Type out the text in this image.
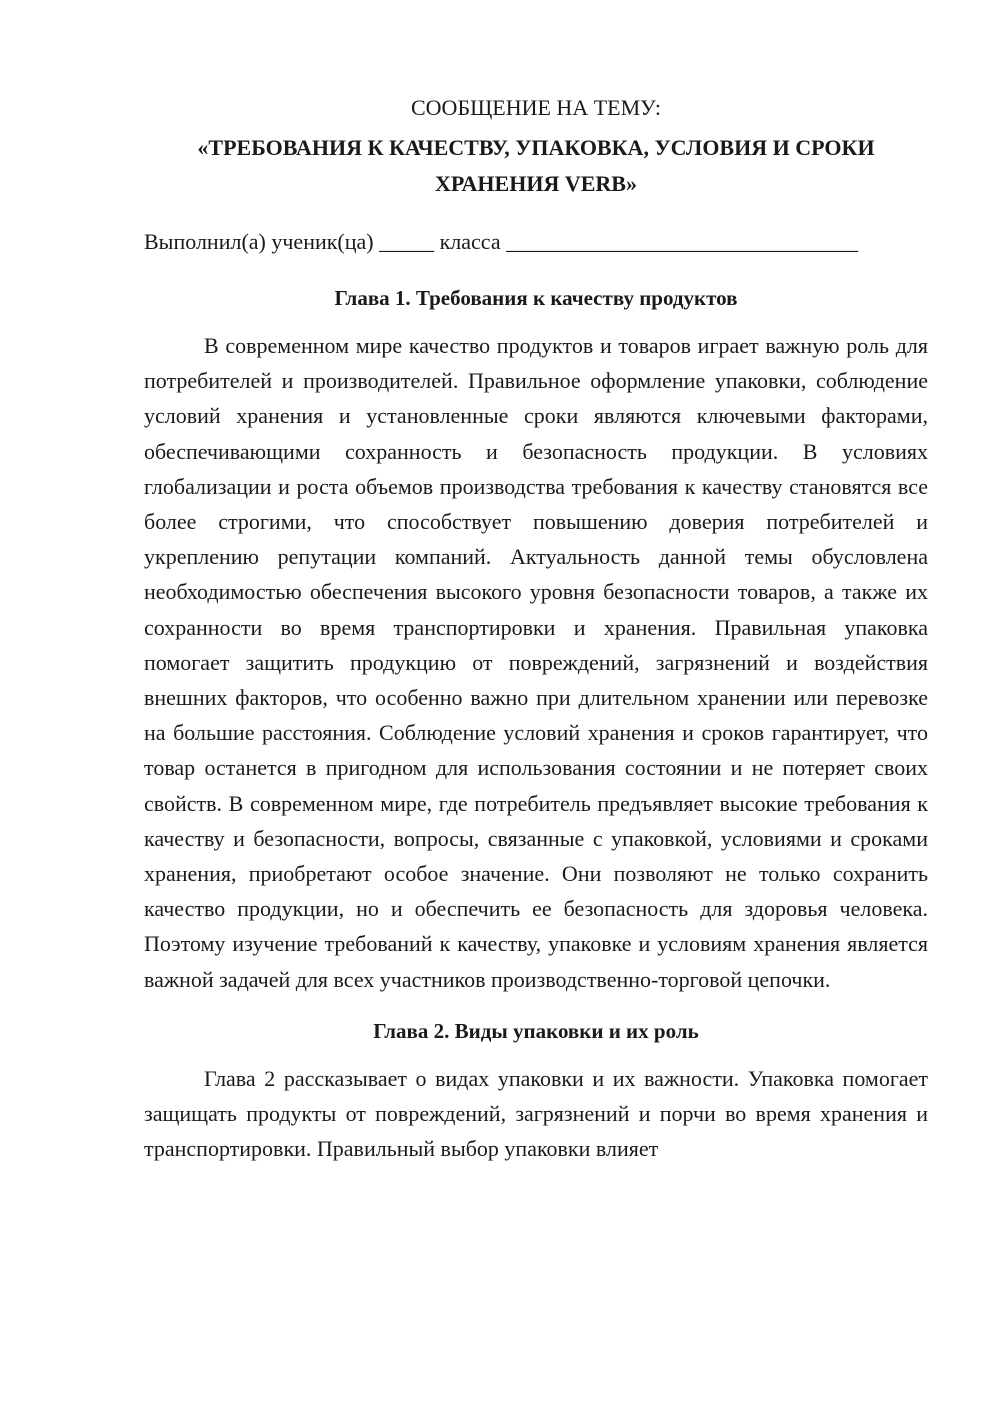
СООБЩЕНИЕ НА ТЕМУ:

«ТРЕБОВАНИЯ К КАЧЕСТВУ, УПАКОВКА, УСЛОВИЯ И СРОКИ ХРАНЕНИЯ VERB»

Выполнил(а) ученик(ца) _____ класса ________________________________

Глава 1. Требования к качеству продуктов

В современном мире качество продуктов и товаров играет важную роль для потребителей и производителей. Правильное оформление упаковки, соблюдение условий хранения и установленные сроки являются ключевыми факторами, обеспечивающими сохранность и безопасность продукции. В условиях глобализации и роста объемов производства требования к качеству становятся все более строгими, что способствует повышению доверия потребителей и укреплению репутации компаний. Актуальность данной темы обусловлена необходимостью обеспечения высокого уровня безопасности товаров, а также их сохранности во время транспортировки и хранения. Правильная упаковка помогает защитить продукцию от повреждений, загрязнений и воздействия внешних факторов, что особенно важно при длительном хранении или перевозке на большие расстояния. Соблюдение условий хранения и сроков гарантирует, что товар останется в пригодном для использования состоянии и не потеряет своих свойств. В современном мире, где потребитель предъявляет высокие требования к качеству и безопасности, вопросы, связанные с упаковкой, условиями и сроками хранения, приобретают особое значение. Они позволяют не только сохранить качество продукции, но и обеспечить ее безопасность для здоровья человека. Поэтому изучение требований к качеству, упаковке и условиям хранения является важной задачей для всех участников производственно-торговой цепочки.

Глава 2. Виды упаковки и их роль

Глава 2 рассказывает о видах упаковки и их важности. Упаковка помогает защищать продукты от повреждений, загрязнений и порчи во время хранения и транспортировки. Правильный выбор упаковки влияет
